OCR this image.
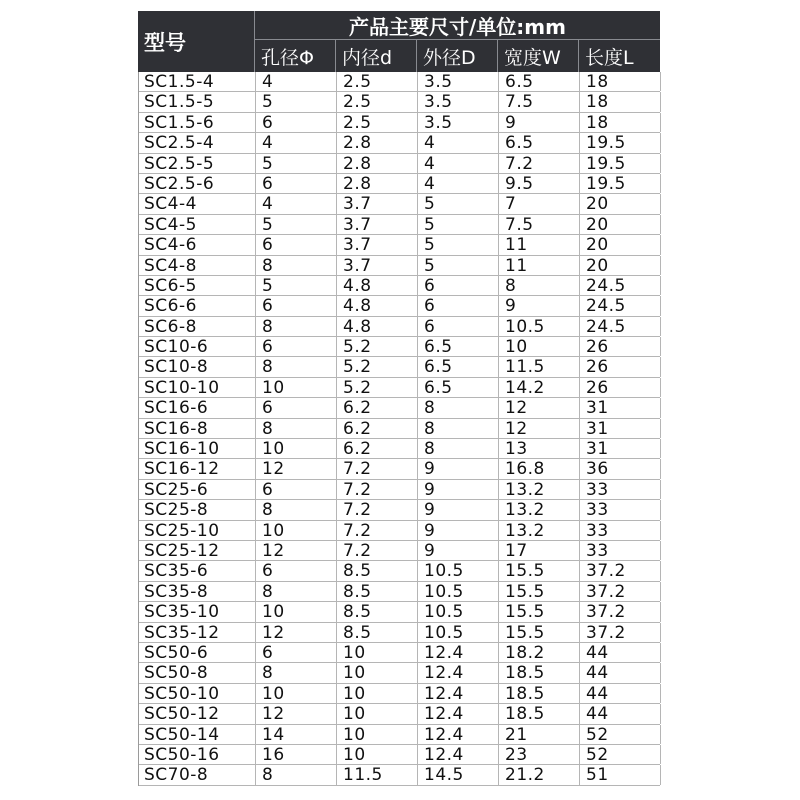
型号
产品主要尺寸/单位:mm
孔径Φ	内径d	外径D	宽度W	长度L
SC1.5-4	4	2.5	3.5	6.5	18
SC1.5-5	5	2.5	3.5	7.5	18
SC1.5-6	6	2.5	3.5	9	18
SC2.5-4	4	2.8	4	6.5	19.5
SC2.5-5	5	2.8	4	7.2	19.5
SC2.5-6	6	2.8	4	9.5	19.5
SC4-4	4	3.7	5	7	20
SC4-5	5	3.7	5	7.5	20
SC4-6	6	3.7	5	11	20
SC4-8	8	3.7	5	11	20
SC6-5	5	4.8	6	8	24.5
SC6-6	6	4.8	6	9	24.5
SC6-8	8	4.8	6	10.5	24.5
SC10-6	6	5.2	6.5	10	26
SC10-8	8	5.2	6.5	11.5	26
SC10-10	10	5.2	6.5	14.2	26
SC16-6	6	6.2	8	12	31
SC16-8	8	6.2	8	12	31
SC16-10	10	6.2	8	13	31
SC16-12	12	7.2	9	16.8	36
SC25-6	6	7.2	9	13.2	33
SC25-8	8	7.2	9	13.2	33
SC25-10	10	7.2	9	13.2	33
SC25-12	12	7.2	9	17	33
SC35-6	6	8.5	10.5	15.5	37.2
SC35-8	8	8.5	10.5	15.5	37.2
SC35-10	10	8.5	10.5	15.5	37.2
SC35-12	12	8.5	10.5	15.5	37.2
SC50-6	6	10	12.4	18.2	44
SC50-8	8	10	12.4	18.5	44
SC50-10	10	10	12.4	18.5	44
SC50-12	12	10	12.4	18.5	44
SC50-14	14	10	12.4	21	52
SC50-16	16	10	12.4	23	52
SC70-8	8	11.5	14.5	21.2	51
